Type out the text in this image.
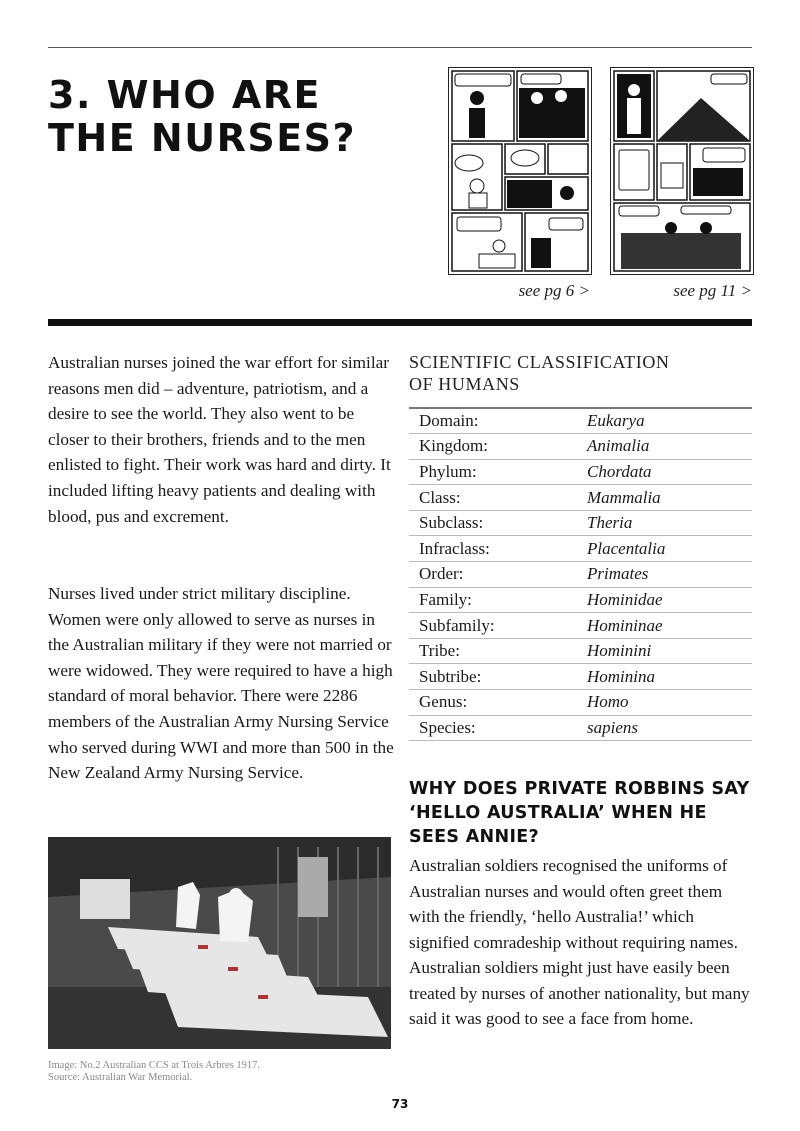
3. WHO ARE THE NURSES?
see pg 6 >	see pg 11 >

Australian nurses joined the war effort for similar reasons men did – adventure, patriotism, and a desire to see the world. They also went to be closer to their brothers, friends and to the men enlisted to fight. Their work was hard and dirty. It included lifting heavy patients and dealing with blood, pus and excrement.

Nurses lived under strict military discipline. Women were only allowed to serve as nurses in the Australian military if they were not married or were widowed. They were required to have a high standard of moral behavior. There were 2286 members of the Australian Army Nursing Service who served during WWI and more than 500 in the New Zealand Army Nursing Service.

Image: No.2 Australian CCS at Trois Arbres 1917.
Source: Australian War Memorial.
SCIENTIFIC CLASSIFICATION
OF HUMANS
Domain:	Eukarya
Kingdom:	Animalia
Phylum:	Chordata
Class:	Mammalia
Subclass:	Theria
Infraclass:	Placentalia
Order:	Primates
Family:	Hominidae
Subfamily:	Homininae
Tribe:	Hominini
Subtribe:	Hominina
Genus:	Homo
Species:	sapiens
WHY DOES PRIVATE ROBBINS SAY ‘HELLO AUSTRALIA’ WHEN HE SEES ANNIE?

Australian soldiers recognised the uniforms of Australian nurses and would often greet them with the friendly, ‘hello Australia!’ which signified comradeship without requiring names. Australian soldiers might just have easily been treated by nurses of another nationality, but many said it was good to see a face from home.

73
